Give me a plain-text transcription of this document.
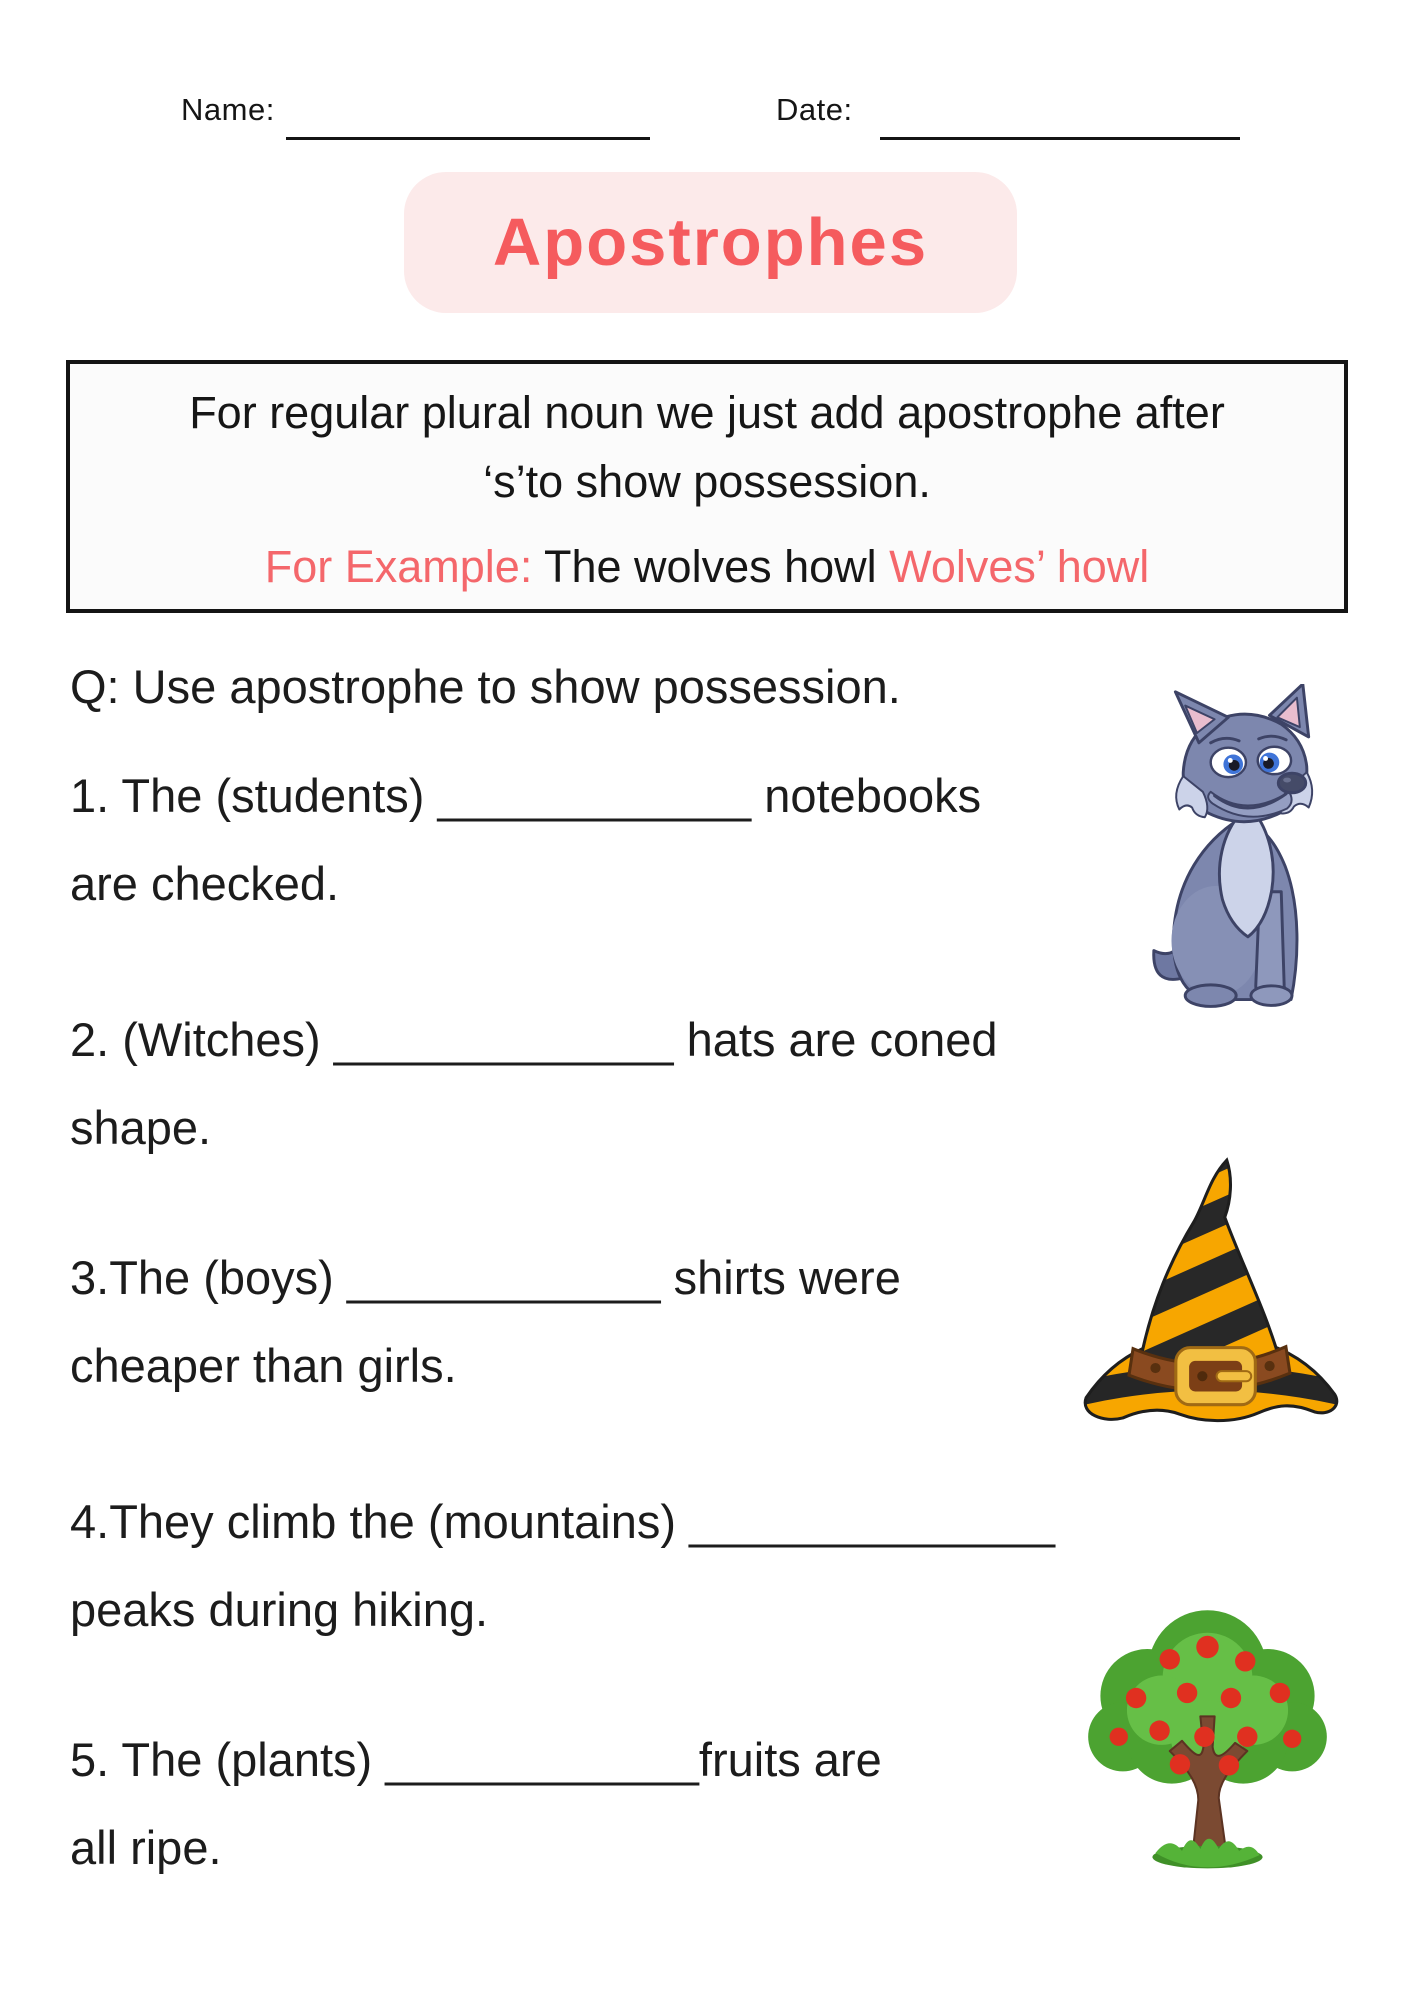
Name:	Date:
Apostrophes
For regular plural noun we just add apostrophe after
‘s’to show possession.
For Example: The wolves howl Wolves’ howl
Q: Use apostrophe to show possession.
1. The (students) ____________ notebooks
are checked.
2. (Witches) _____________ hats are coned
shape.
3.The (boys) ____________ shirts were
cheaper than girls.
4.They climb the (mountains) ______________
peaks during hiking.
5. The (plants) ____________fruits are
all ripe.
